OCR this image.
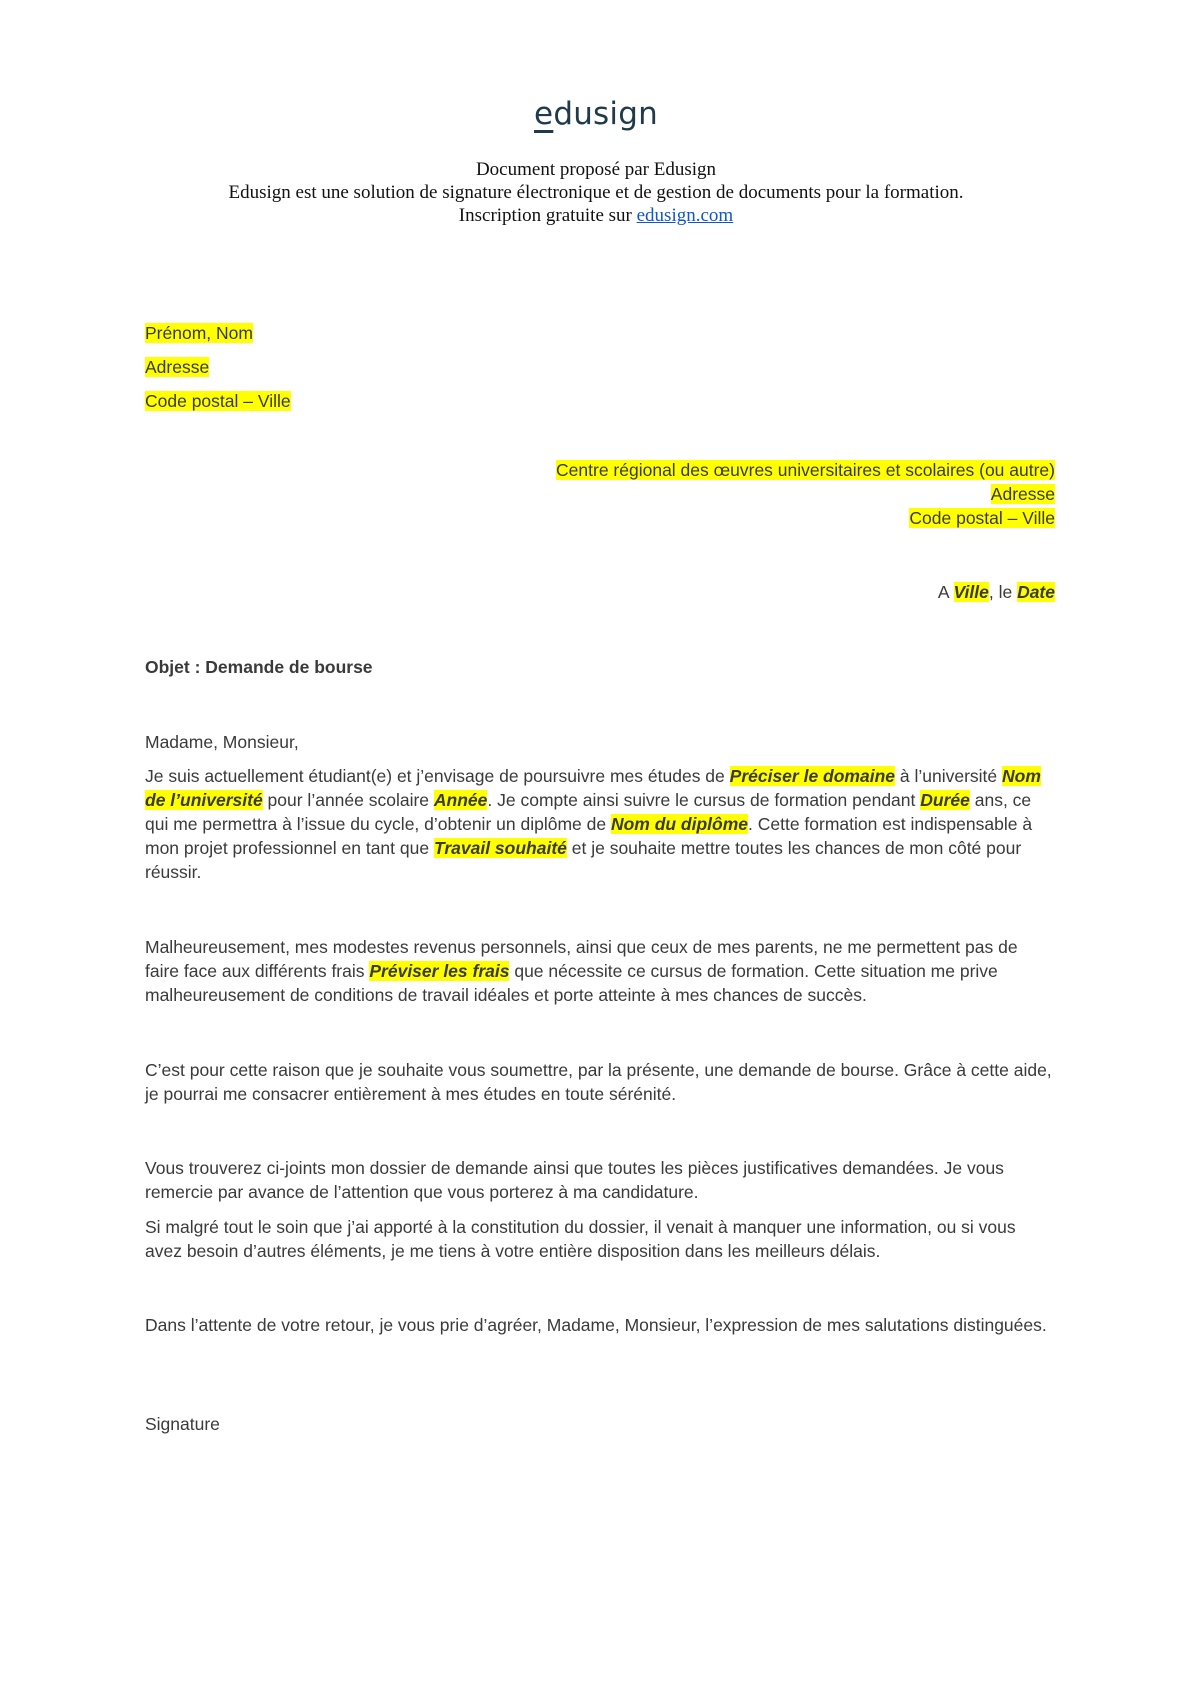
edusign
Document proposé par Edusign
Edusign est une solution de signature électronique et de gestion de documents pour la formation.
Inscription gratuite sur edusign.com
Prénom, Nom
Adresse
Code postal – Ville
Centre régional des œuvres universitaires et scolaires (ou autre)
Adresse
Code postal – Ville
A Ville, le Date
Objet : Demande de bourse
Madame, Monsieur,
Je suis actuellement étudiant(e) et j’envisage de poursuivre mes études de Préciser le domaine à l’université Nom de l’université pour l’année scolaire Année. Je compte ainsi suivre le cursus de formation pendant Durée ans, ce qui me permettra à l’issue du cycle, d’obtenir un diplôme de Nom du diplôme. Cette formation est indispensable à mon projet professionnel en tant que Travail souhaité et je souhaite mettre toutes les chances de mon côté pour réussir.
Malheureusement, mes modestes revenus personnels, ainsi que ceux de mes parents, ne me permettent pas de faire face aux différents frais Préviser les frais que nécessite ce cursus de formation. Cette situation me prive malheureusement de conditions de travail idéales et porte atteinte à mes chances de succès.
C’est pour cette raison que je souhaite vous soumettre, par la présente, une demande de bourse. Grâce à cette aide, je pourrai me consacrer entièrement à mes études en toute sérénité.
Vous trouverez ci-joints mon dossier de demande ainsi que toutes les pièces justificatives demandées. Je vous remercie par avance de l’attention que vous porterez à ma candidature.
Si malgré tout le soin que j’ai apporté à la constitution du dossier, il venait à manquer une information, ou si vous avez besoin d’autres éléments, je me tiens à votre entière disposition dans les meilleurs délais.
Dans l’attente de votre retour, je vous prie d’agréer, Madame, Monsieur, l’expression de mes salutations distinguées.
Signature
